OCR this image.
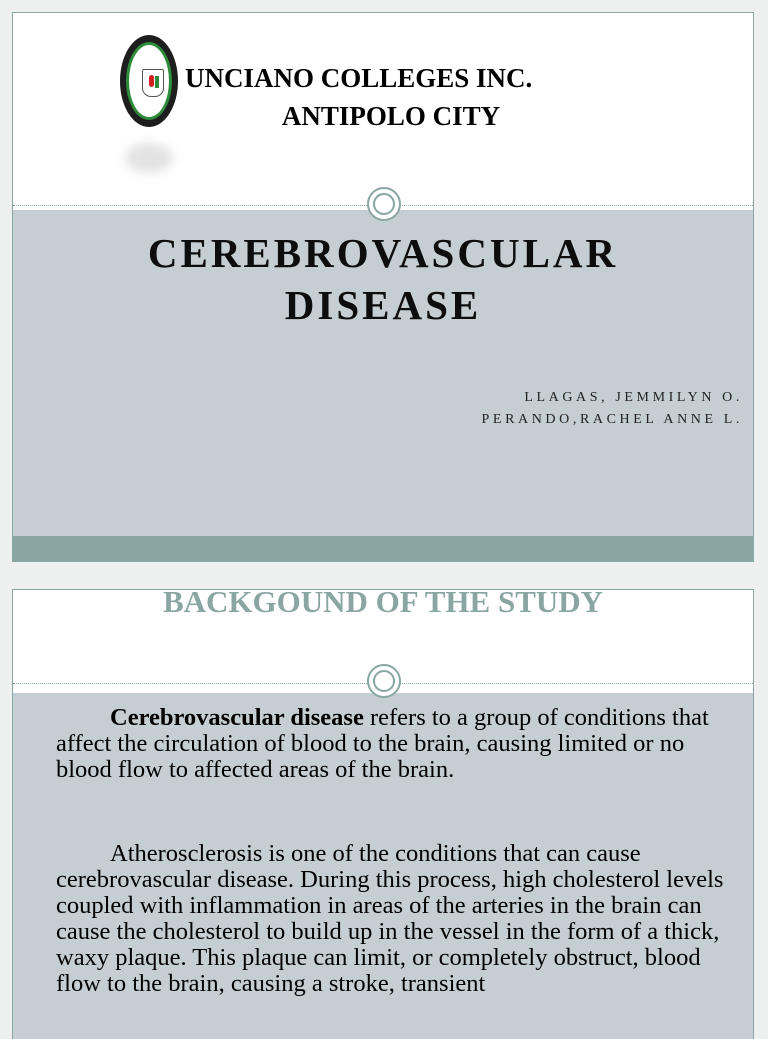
UNCIANO COLLEGES INC.
ANTIPOLO CITY
CEREBROVASCULAR
DISEASE
LLAGAS, JEMMILYN O.
PERANDO,RACHEL ANNE L.
BACKGOUND OF THE STUDY
Cerebrovascular disease refers to a group of conditions that affect the circulation of blood to the brain, causing limited or no blood flow to affected areas of the brain.
Atherosclerosis is one of the conditions that can cause cerebrovascular disease. During this process, high cholesterol levels coupled with inflammation in areas of the arteries in the brain can cause the cholesterol to build up in the vessel in the form of a thick, waxy plaque. This plaque can limit, or completely obstruct, blood flow to the brain, causing a stroke, transient
